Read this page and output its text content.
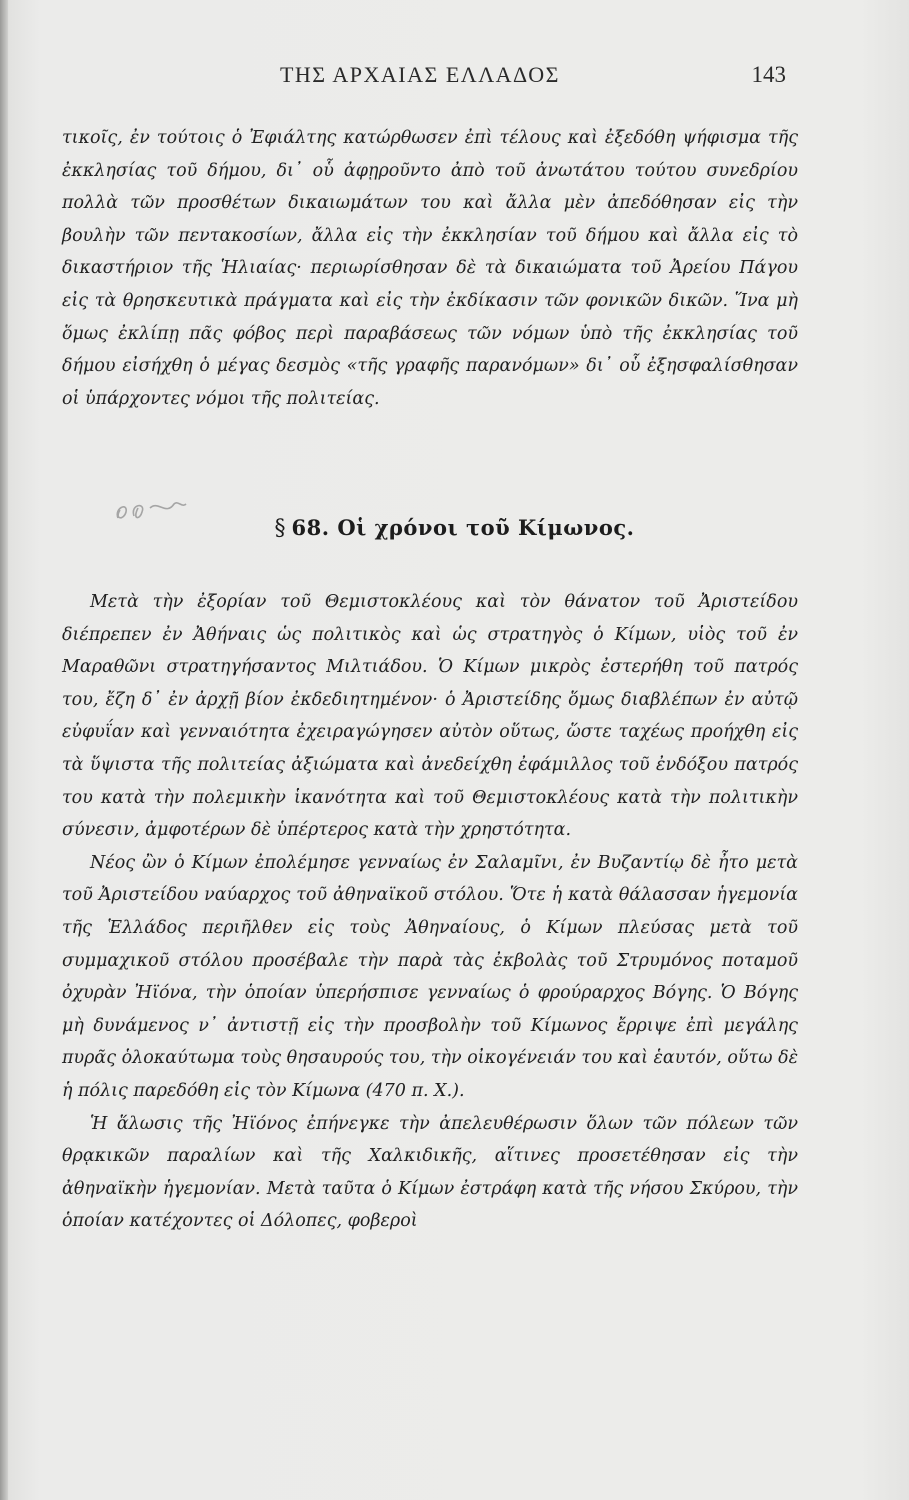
ΤΗΣ ΑΡΧΑΙΑΣ ΕΛΛΑΔΟΣ	143

τικοῖς, ἐν τούτοις ὁ Ἐφιάλτης κατώρθωσεν ἐπὶ τέλους καὶ ἐξεδόθη ψήφισμα τῆς ἐκκλησίας τοῦ δήμου, δι᾽ οὗ ἀφῃροῦντο ἀπὸ τοῦ ἀνωτάτου τούτου συνεδρίου πολλὰ τῶν προσθέτων δικαιωμάτων του καὶ ἄλλα μὲν ἀπεδόθησαν εἰς τὴν βουλὴν τῶν πεντακοσίων, ἄλλα εἰς τὴν ἐκκλησίαν τοῦ δήμου καὶ ἄλλα εἰς τὸ δικαστήριον τῆς Ἡλιαίας· περιωρίσθησαν δὲ τὰ δικαιώματα τοῦ Ἀρείου Πάγου εἰς τὰ θρησκευτικὰ πράγματα καὶ εἰς τὴν ἐκδίκασιν τῶν φονικῶν δικῶν. Ἵνα μὴ ὅμως ἐκλίπῃ πᾶς φόβος περὶ παραβάσεως τῶν νόμων ὑπὸ τῆς ἐκκλησίας τοῦ δήμου εἰσήχθη ὁ μέγας δεσμὸς «τῆς γραφῆς παρανόμων» δι᾽ οὗ ἐξησφαλίσθησαν οἱ ὑπάρχοντες νόμοι τῆς πολιτείας.

§ 68. Οἱ χρόνοι τοῦ Κίμωνος.

Μετὰ τὴν ἐξορίαν τοῦ Θεμιστοκλέους καὶ τὸν θάνατον τοῦ Ἀριστείδου διέπρεπεν ἐν Ἀθήναις ὡς πολιτικὸς καὶ ὡς στρατηγὸς ὁ Κίμων, υἱὸς τοῦ ἐν Μαραθῶνι στρατηγήσαντος Μιλτιάδου. Ὁ Κίμων μικρὸς ἐστερήθη τοῦ πατρός του, ἔζη δ᾽ ἐν ἀρχῇ βίον ἐκδεδιητημένον· ὁ Ἀριστείδης ὅμως διαβλέπων ἐν αὐτῷ εὐφυΐαν καὶ γενναιότητα ἐχειραγώγησεν αὐτὸν οὕτως, ὥστε ταχέως προήχθη εἰς τὰ ὕψιστα τῆς πολιτείας ἀξιώματα καὶ ἀνεδείχθη ἐφάμιλλος τοῦ ἐνδόξου πατρός του κατὰ τὴν πολεμικὴν ἱκανότητα καὶ τοῦ Θεμιστοκλέους κατὰ τὴν πολιτικὴν σύνεσιν, ἀμφοτέρων δὲ ὑπέρτερος κατὰ τὴν χρηστότητα.

Νέος ὢν ὁ Κίμων ἐπολέμησε γενναίως ἐν Σαλαμῖνι, ἐν Βυζαντίῳ δὲ ἦτο μετὰ τοῦ Ἀριστείδου ναύαρχος τοῦ ἀθηναϊκοῦ στόλου. Ὅτε ἡ κατὰ θάλασσαν ἡγεμονία τῆς Ἑλλάδος περιῆλθεν εἰς τοὺς Ἀθηναίους, ὁ Κίμων πλεύσας μετὰ τοῦ συμμαχικοῦ στόλου προσέβαλε τὴν παρὰ τὰς ἐκβολὰς τοῦ Στρυμόνος ποταμοῦ ὀχυρὰν Ἠϊόνα, τὴν ὁποίαν ὑπερήσπισε γενναίως ὁ φρούραρχος Βόγης. Ὁ Βόγης μὴ δυνάμενος ν᾽ ἀντιστῇ εἰς τὴν προσβολὴν τοῦ Κίμωνος ἔρριψε ἐπὶ μεγάλης πυρᾶς ὁλοκαύτωμα τοὺς θησαυρούς του, τὴν οἰκογένειάν του καὶ ἑαυτόν, οὕτω δὲ ἡ πόλις παρεδόθη εἰς τὸν Κίμωνα (470 π. Χ.).

Ἡ ἅλωσις τῆς Ἠϊόνος ἐπήνεγκε τὴν ἀπελευθέρωσιν ὅλων τῶν πόλεων τῶν θρᾳκικῶν παραλίων καὶ τῆς Χαλκιδικῆς, αἵτινες προσετέθησαν εἰς τὴν ἀθηναϊκὴν ἡγεμονίαν. Μετὰ ταῦτα ὁ Κίμων ἐστράφη κατὰ τῆς νήσου Σκύρου, τὴν ὁποίαν κατέχοντες οἱ Δόλοπες, φοβεροὶ
